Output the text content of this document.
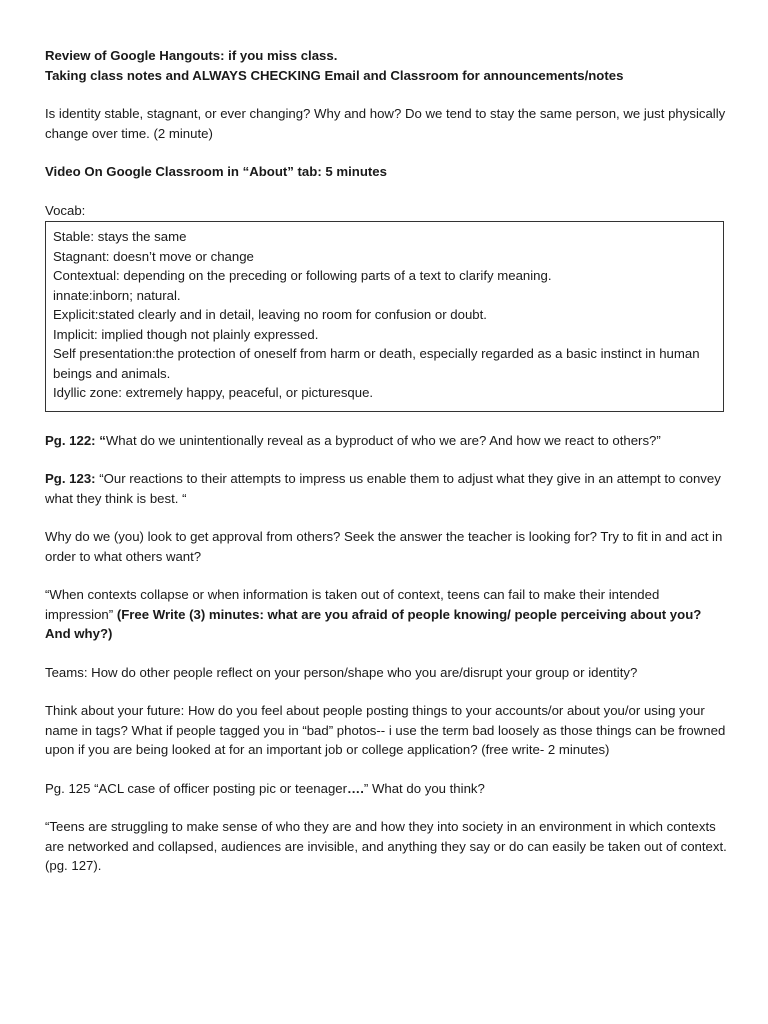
Review of Google Hangouts: if you miss class.

Taking class notes and ALWAYS CHECKING Email and Classroom for announcements/notes

Is identity stable, stagnant, or ever changing? Why and how? Do we tend to stay the same person, we just physically change over time. (2 minute)

Video On Google Classroom in “About” tab: 5 minutes

Vocab:

Stable: stays the same

Stagnant: doesn’t move or change

Contextual: depending on the preceding or following parts of a text to clarify meaning.

innate:inborn; natural.

Explicit:stated clearly and in detail, leaving no room for confusion or doubt.

Implicit: implied though not plainly expressed.

Self presentation:the protection of oneself from harm or death, especially regarded as a basic instinct in human beings and animals.

Idyllic zone: extremely happy, peaceful, or picturesque.

Pg. 122: “What do we unintentionally reveal as a byproduct of who we are? And how we react to others?”

Pg. 123: “Our reactions to their attempts to impress us enable them to adjust what they give in an attempt to convey what they think is best. “

Why do we (you) look to get approval from others? Seek the answer the teacher is looking for? Try to fit in and act in order to what others want?

“When contexts collapse or when information is taken out of context, teens can fail to make their intended impression” (Free Write (3) minutes: what are you afraid of people knowing/ people perceiving about you? And why?)

Teams: How do other people reflect on your person/shape who you are/disrupt your group or identity?

Think about your future: How do you feel about people posting things to your accounts/or about you/or using your name in tags? What if people tagged you in “bad” photos-- i use the term bad loosely as those things can be frowned upon if you are being looked at for an important job or college application? (free write- 2 minutes)

Pg. 125 “ACL case of officer posting pic or teenager….” What do you think?

“Teens are struggling to make sense of who they are and how they into society in an environment in which contexts are networked and collapsed, audiences are invisible, and anything they say or do can easily be taken out of context. (pg. 127).
